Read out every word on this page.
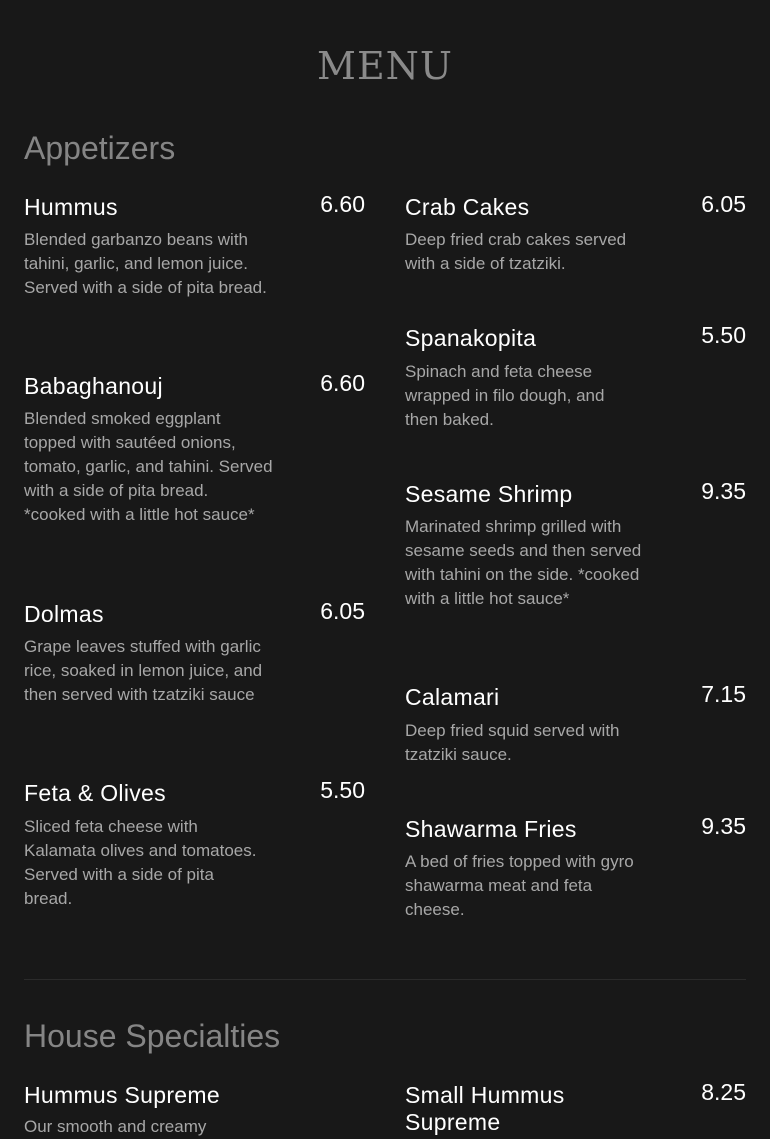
MENU
Appetizers
Hummus	6.60
Blended garbanzo beans with tahini, garlic, and lemon juice. Served with a side of pita bread.
Babaghanouj	6.60
Blended smoked eggplant topped with sautéed onions, tomato, garlic, and tahini. Served with a side of pita bread. *cooked with a little hot sauce*
Dolmas	6.05
Grape leaves stuffed with garlic rice, soaked in lemon juice, and then served with tzatziki sauce
Feta & Olives	5.50
Sliced feta cheese with Kalamata olives and tomatoes. Served with a side of pita bread.
Crab Cakes	6.05
Deep fried crab cakes served with a side of tzatziki.
Spanakopita	5.50
Spinach and feta cheese wrapped in filo dough, and then baked.
Sesame Shrimp	9.35
Marinated shrimp grilled with sesame seeds and then served with tahini on the side. *cooked with a little hot sauce*
Calamari	7.15
Deep fried squid served with tzatziki sauce.
Shawarma Fries	9.35
A bed of fries topped with gyro shawarma meat and feta cheese.
House Specialties
Hummus Supreme
Our smooth and creamy
Small Hummus Supreme
8.25
